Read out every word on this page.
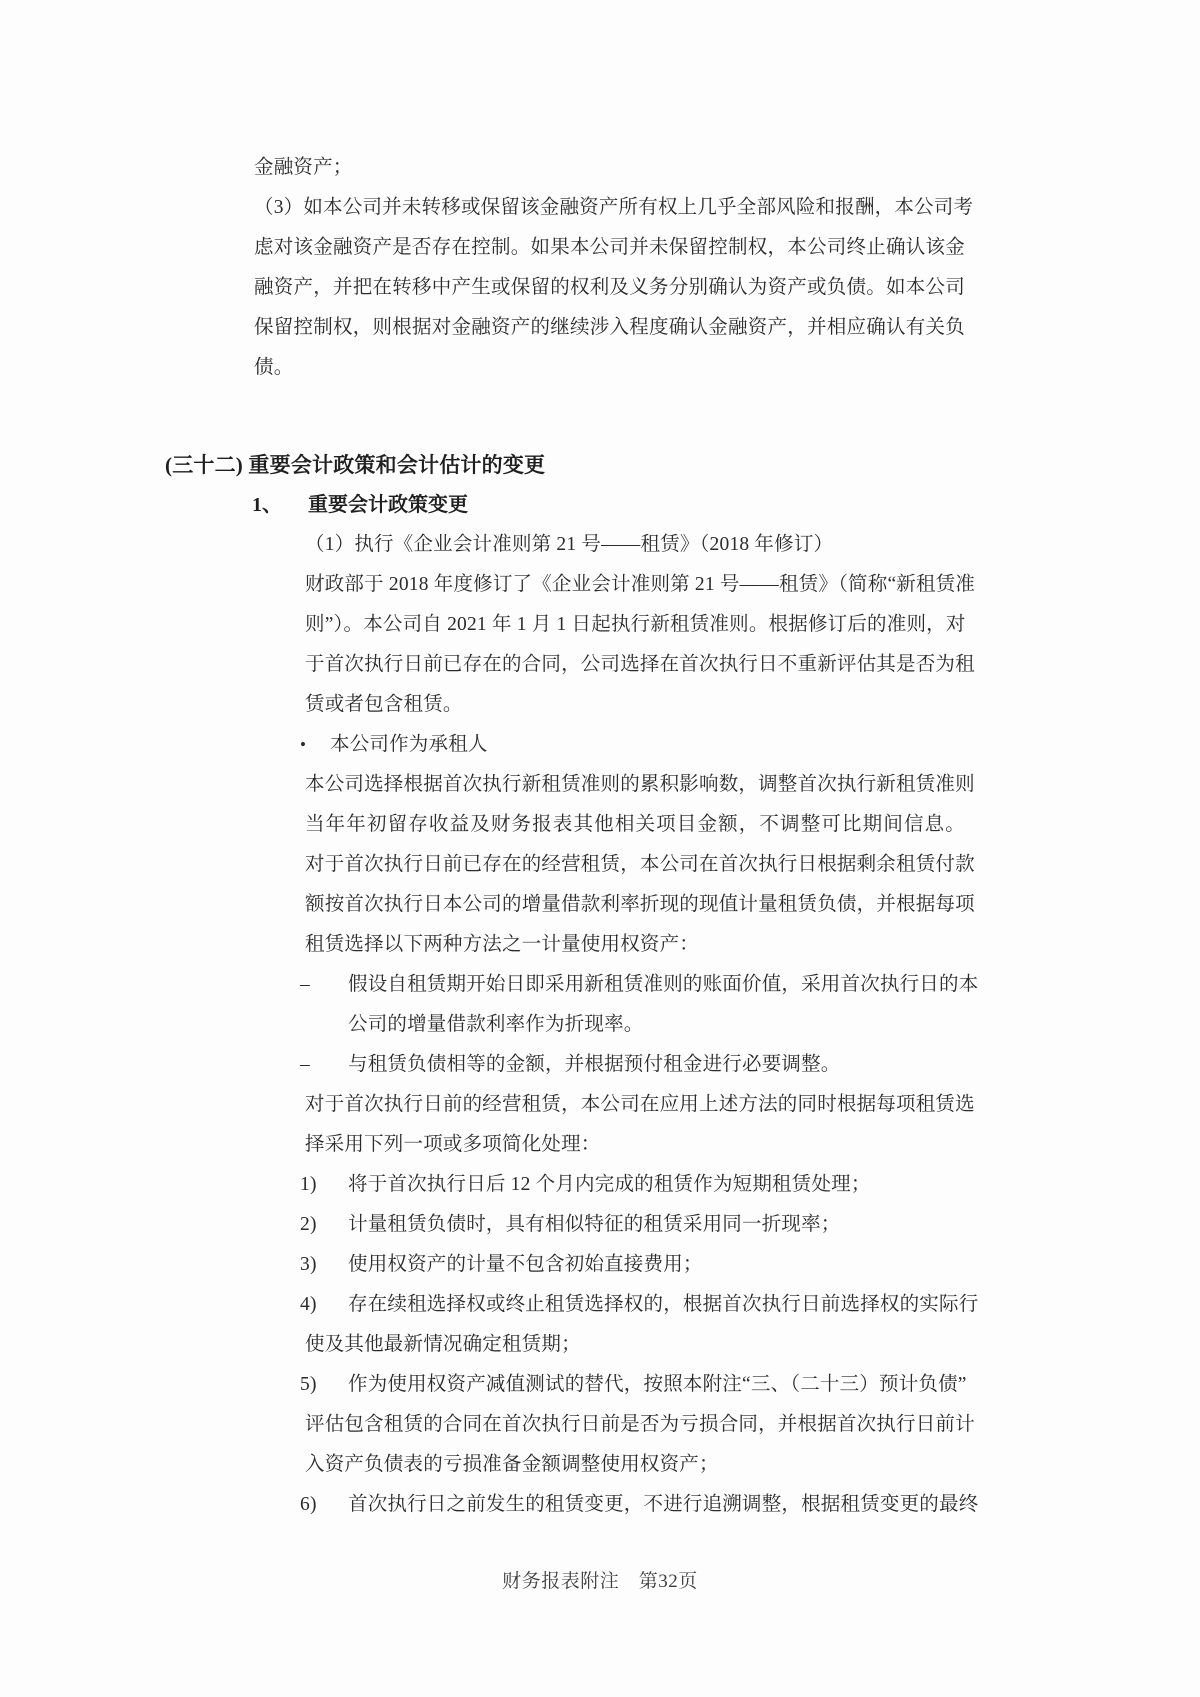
金融资产；
（3）如本公司并未转移或保留该金融资产所有权上几乎全部风险和报酬，本公司考
虑对该金融资产是否存在控制。如果本公司并未保留控制权，本公司终止确认该金
融资产，并把在转移中产生或保留的权利及义务分别确认为资产或负债。如本公司
保留控制权，则根据对金融资产的继续涉入程度确认金融资产，并相应确认有关负
债。
(三十二) 重要会计政策和会计估计的变更
1、	重要会计政策变更
（1）执行《企业会计准则第 21 号——租赁》（2018 年修订）
财政部于 2018 年度修订了《企业会计准则第 21 号——租赁》（简称“新租赁准
则”）。本公司自 2021 年 1 月 1 日起执行新租赁准则。根据修订后的准则，对
于首次执行日前已存在的合同，公司选择在首次执行日不重新评估其是否为租
赁或者包含租赁。
•	本公司作为承租人
本公司选择根据首次执行新租赁准则的累积影响数，调整首次执行新租赁准则
当年年初留存收益及财务报表其他相关项目金额，不调整可比期间信息。
对于首次执行日前已存在的经营租赁，本公司在首次执行日根据剩余租赁付款
额按首次执行日本公司的增量借款利率折现的现值计量租赁负债，并根据每项
租赁选择以下两种方法之一计量使用权资产：
–	假设自租赁期开始日即采用新租赁准则的账面价值，采用首次执行日的本
公司的增量借款利率作为折现率。
–	与租赁负债相等的金额，并根据预付租金进行必要调整。
对于首次执行日前的经营租赁，本公司在应用上述方法的同时根据每项租赁选
择采用下列一项或多项简化处理：
1)	将于首次执行日后 12 个月内完成的租赁作为短期租赁处理；
2)	计量租赁负债时，具有相似特征的租赁采用同一折现率；
3)	使用权资产的计量不包含初始直接费用；
4)	存在续租选择权或终止租赁选择权的，根据首次执行日前选择权的实际行
使及其他最新情况确定租赁期；
5)	作为使用权资产减值测试的替代，按照本附注“三、（二十三）预计负债”
评估包含租赁的合同在首次执行日前是否为亏损合同，并根据首次执行日前计
入资产负债表的亏损准备金额调整使用权资产；
6)	首次执行日之前发生的租赁变更，不进行追溯调整，根据租赁变更的最终
财务报表附注　第32页
